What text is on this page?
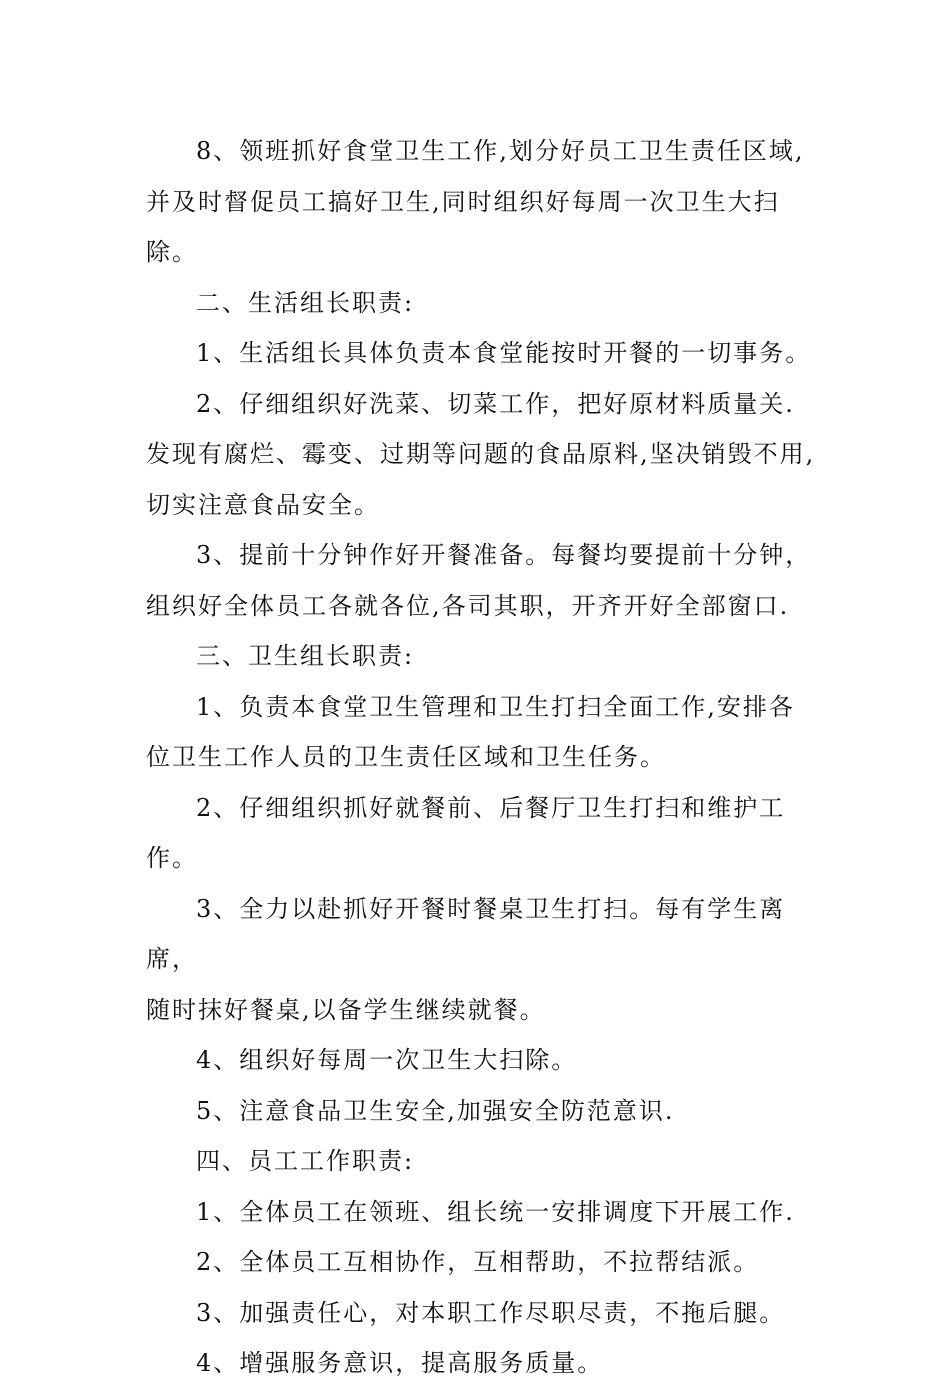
8、领班抓好食堂卫生工作,划分好员工卫生责任区域,
并及时督促员工搞好卫生,同时组织好每周一次卫生大扫除。

二、生活组长职责:

1、生活组长具体负责本食堂能按时开餐的一切事务。

2、仔细组织好洗菜、切菜工作，把好原材料质量关.
发现有腐烂、霉变、过期等问题的食品原料,坚决销毁不用,
切实注意食品安全。

3、提前十分钟作好开餐准备。每餐均要提前十分钟，
组织好全体员工各就各位,各司其职，开齐开好全部窗口.

三、卫生组长职责:

1、负责本食堂卫生管理和卫生打扫全面工作,安排各
位卫生工作人员的卫生责任区域和卫生任务。

2、仔细组织抓好就餐前、后餐厅卫生打扫和维护工作。

3、全力以赴抓好开餐时餐桌卫生打扫。每有学生离席，
随时抹好餐桌,以备学生继续就餐。

4、组织好每周一次卫生大扫除。

5、注意食品卫生安全,加强安全防范意识.

四、员工工作职责:

1、全体员工在领班、组长统一安排调度下开展工作.

2、全体员工互相协作，互相帮助，不拉帮结派。

3、加强责任心，对本职工作尽职尽责，不拖后腿。

4、增强服务意识，提高服务质量。
